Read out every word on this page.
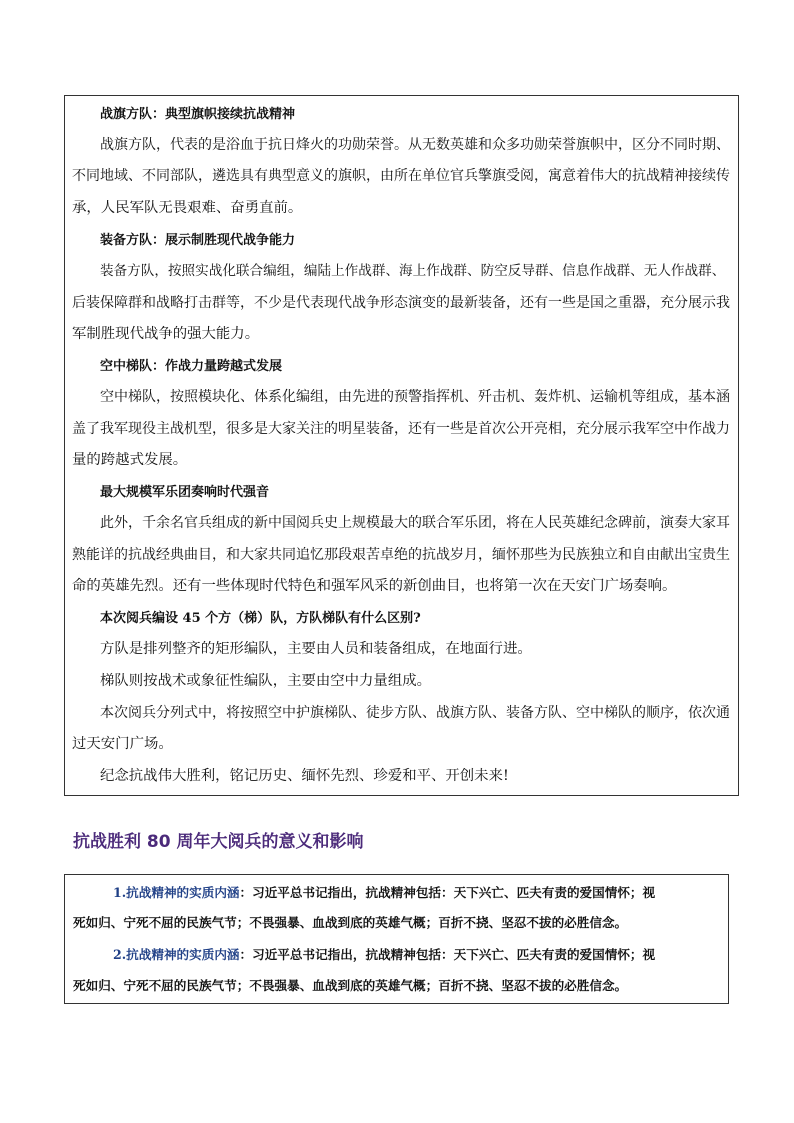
战旗方队：典型旗帜接续抗战精神
战旗方队，代表的是浴血于抗日烽火的功勋荣誉。从无数英雄和众多功勋荣誉旗帜中，区分不同时期、
不同地域、不同部队，遴选具有典型意义的旗帜，由所在单位官兵擎旗受阅，寓意着伟大的抗战精神接续传
承，人民军队无畏艰难、奋勇直前。
装备方队：展示制胜现代战争能力
装备方队，按照实战化联合编组，编陆上作战群、海上作战群、防空反导群、信息作战群、无人作战群、
后装保障群和战略打击群等，不少是代表现代战争形态演变的最新装备，还有一些是国之重器，充分展示我
军制胜现代战争的强大能力。
空中梯队：作战力量跨越式发展
空中梯队，按照模块化、体系化编组，由先进的预警指挥机、歼击机、轰炸机、运输机等组成，基本涵
盖了我军现役主战机型，很多是大家关注的明星装备，还有一些是首次公开亮相，充分展示我军空中作战力
量的跨越式发展。
最大规模军乐团奏响时代强音
此外，千余名官兵组成的新中国阅兵史上规模最大的联合军乐团，将在人民英雄纪念碑前，演奏大家耳
熟能详的抗战经典曲目，和大家共同追忆那段艰苦卓绝的抗战岁月，缅怀那些为民族独立和自由献出宝贵生
命的英雄先烈。还有一些体现时代特色和强军风采的新创曲目，也将第一次在天安门广场奏响。
本次阅兵编设 45 个方（梯）队，方队梯队有什么区别?
方队是排列整齐的矩形编队，主要由人员和装备组成，在地面行进。
梯队则按战术或象征性编队，主要由空中力量组成。
本次阅兵分列式中，将按照空中护旗梯队、徒步方队、战旗方队、装备方队、空中梯队的顺序，依次通
过天安门广场。
纪念抗战伟大胜利，铭记历史、缅怀先烈、珍爱和平、开创未来!
抗战胜利 80 周年大阅兵的意义和影响
1.抗战精神的实质内涵：习近平总书记指出，抗战精神包括：天下兴亡、匹夫有责的爱国情怀；视
死如归、宁死不屈的民族气节；不畏强暴、血战到底的英雄气概；百折不挠、坚忍不拔的必胜信念。
2.抗战精神的实质内涵：习近平总书记指出，抗战精神包括：天下兴亡、匹夫有责的爱国情怀；视
死如归、宁死不屈的民族气节；不畏强暴、血战到底的英雄气概；百折不挠、坚忍不拔的必胜信念。
